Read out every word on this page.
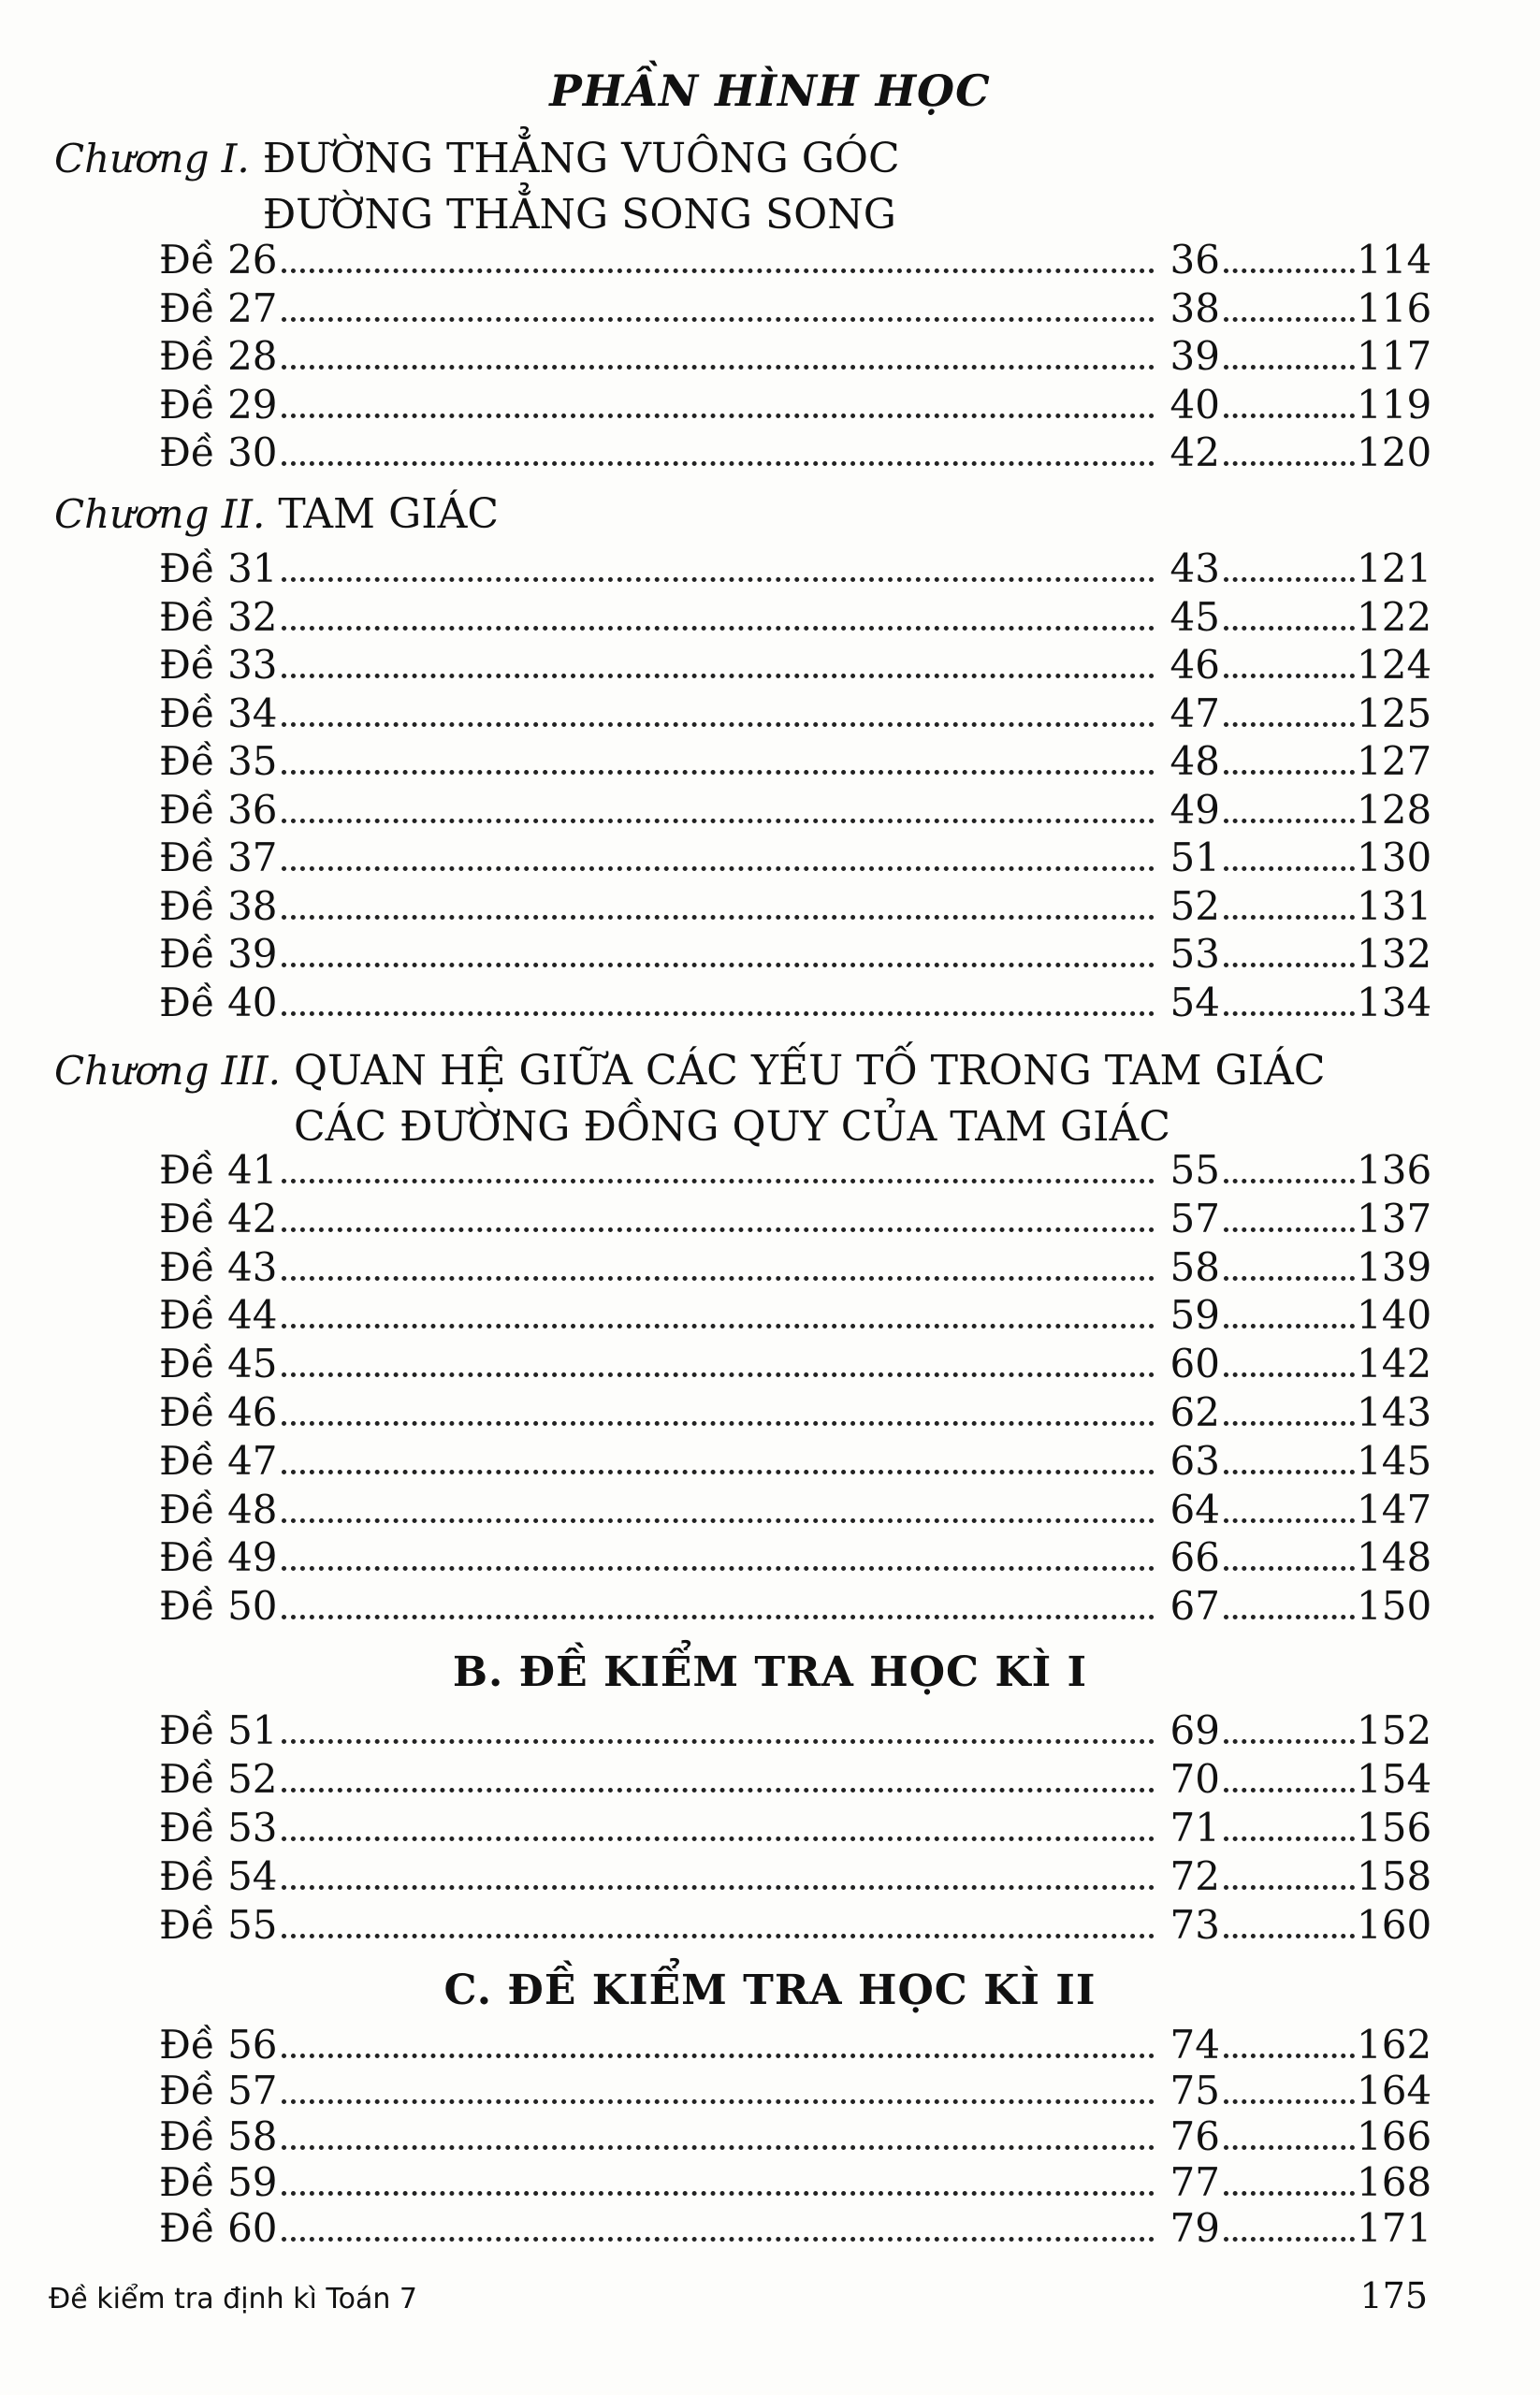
PHẦN HÌNH HỌC
Chương I. ĐƯỜNG THẲNG VUÔNG GÓC
ĐƯỜNG THẲNG SONG SONG
Đề 26	36	114
Đề 27	38	116
Đề 28	39	117
Đề 29	40	119
Đề 30	42	120
Chương II. TAM GIÁC
Đề 31	43	121
Đề 32	45	122
Đề 33	46	124
Đề 34	47	125
Đề 35	48	127
Đề 36	49	128
Đề 37	51	130
Đề 38	52	131
Đề 39	53	132
Đề 40	54	134
Chương III. QUAN HỆ GIỮA CÁC YẾU TỐ TRONG TAM GIÁC
CÁC ĐƯỜNG ĐỒNG QUY CỦA TAM GIÁC
Đề 41	55	136
Đề 42	57	137
Đề 43	58	139
Đề 44	59	140
Đề 45	60	142
Đề 46	62	143
Đề 47	63	145
Đề 48	64	147
Đề 49	66	148
Đề 50	67	150
B. ĐỀ KIỂM TRA HỌC KÌ I
Đề 51	69	152
Đề 52	70	154
Đề 53	71	156
Đề 54	72	158
Đề 55	73	160
C. ĐỀ KIỂM TRA HỌC KÌ II
Đề 56	74	162
Đề 57	75	164
Đề 58	76	166
Đề 59	77	168
Đề 60	79	171
Đề kiểm tra định kì Toán 7	175
